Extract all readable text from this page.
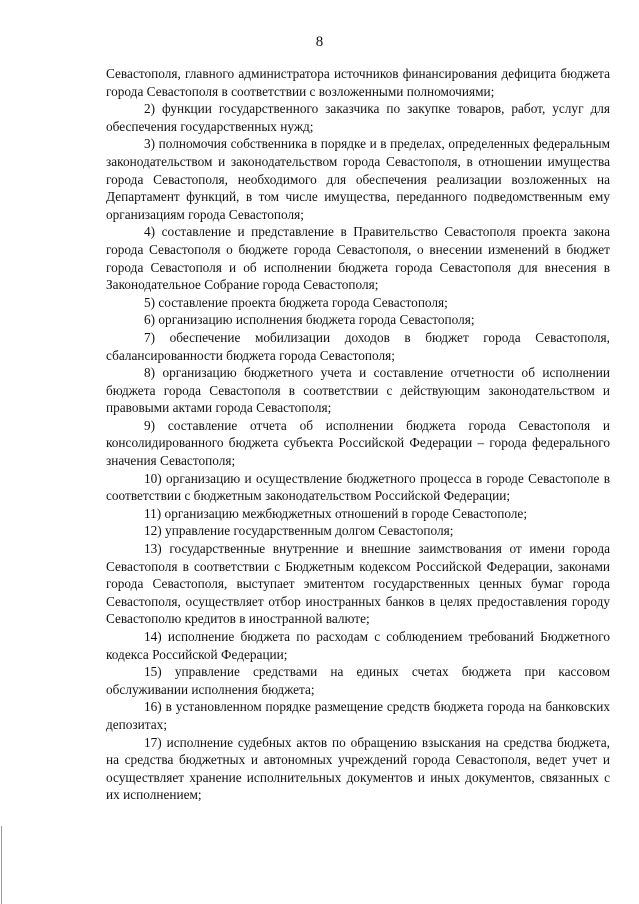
8

Севастополя, главного администратора источников финансирования дефицита бюджета города Севастополя в соответствии с возложенными полномочиями;

2) функции государственного заказчика по закупке товаров, работ, услуг для обеспечения государственных нужд;

3) полномочия собственника в порядке и в пределах, определенных федеральным законодательством и законодательством города Севастополя, в отношении имущества города Севастополя, необходимого для обеспечения реализации возложенных на Департамент функций, в том числе имущества, переданного подведомственным ему организациям города Севастополя;

4) составление и представление в Правительство Севастополя проекта закона города Севастополя о бюджете города Севастополя, о внесении изменений в бюджет города Севастополя и об исполнении бюджета города Севастополя для внесения в Законодательное Собрание города Севастополя;

5) составление проекта бюджета города Севастополя;

6) организацию исполнения бюджета города Севастополя;

7) обеспечение мобилизации доходов в бюджет города Севастополя, сбалансированности бюджета города Севастополя;

8) организацию бюджетного учета и составление отчетности об исполнении бюджета города Севастополя в соответствии с действующим законодательством и правовыми актами города Севастополя;

9) составление отчета об исполнении бюджета города Севастополя и консолидированного бюджета субъекта Российской Федерации – города федерального значения Севастополя;

10) организацию и осуществление бюджетного процесса в городе Севастополе в соответствии с бюджетным законодательством Российской Федерации;

11) организацию межбюджетных отношений в городе Севастополе;

12) управление государственным долгом Севастополя;

13) государственные внутренние и внешние заимствования от имени города Севастополя в соответствии с Бюджетным кодексом Российской Федерации, законами города Севастополя, выступает эмитентом государственных ценных бумаг города Севастополя, осуществляет отбор иностранных банков в целях предоставления городу Севастополю кредитов в иностранной валюте;

14) исполнение бюджета по расходам с соблюдением требований Бюджетного кодекса Российской Федерации;

15) управление средствами на единых счетах бюджета при кассовом обслуживании исполнения бюджета;

16) в установленном порядке размещение средств бюджета города на банковских депозитах;

17) исполнение судебных актов по обращению взыскания на средства бюджета, на средства бюджетных и автономных учреждений города Севастополя, ведет учет и осуществляет хранение исполнительных документов и иных документов, связанных с их исполнением;
